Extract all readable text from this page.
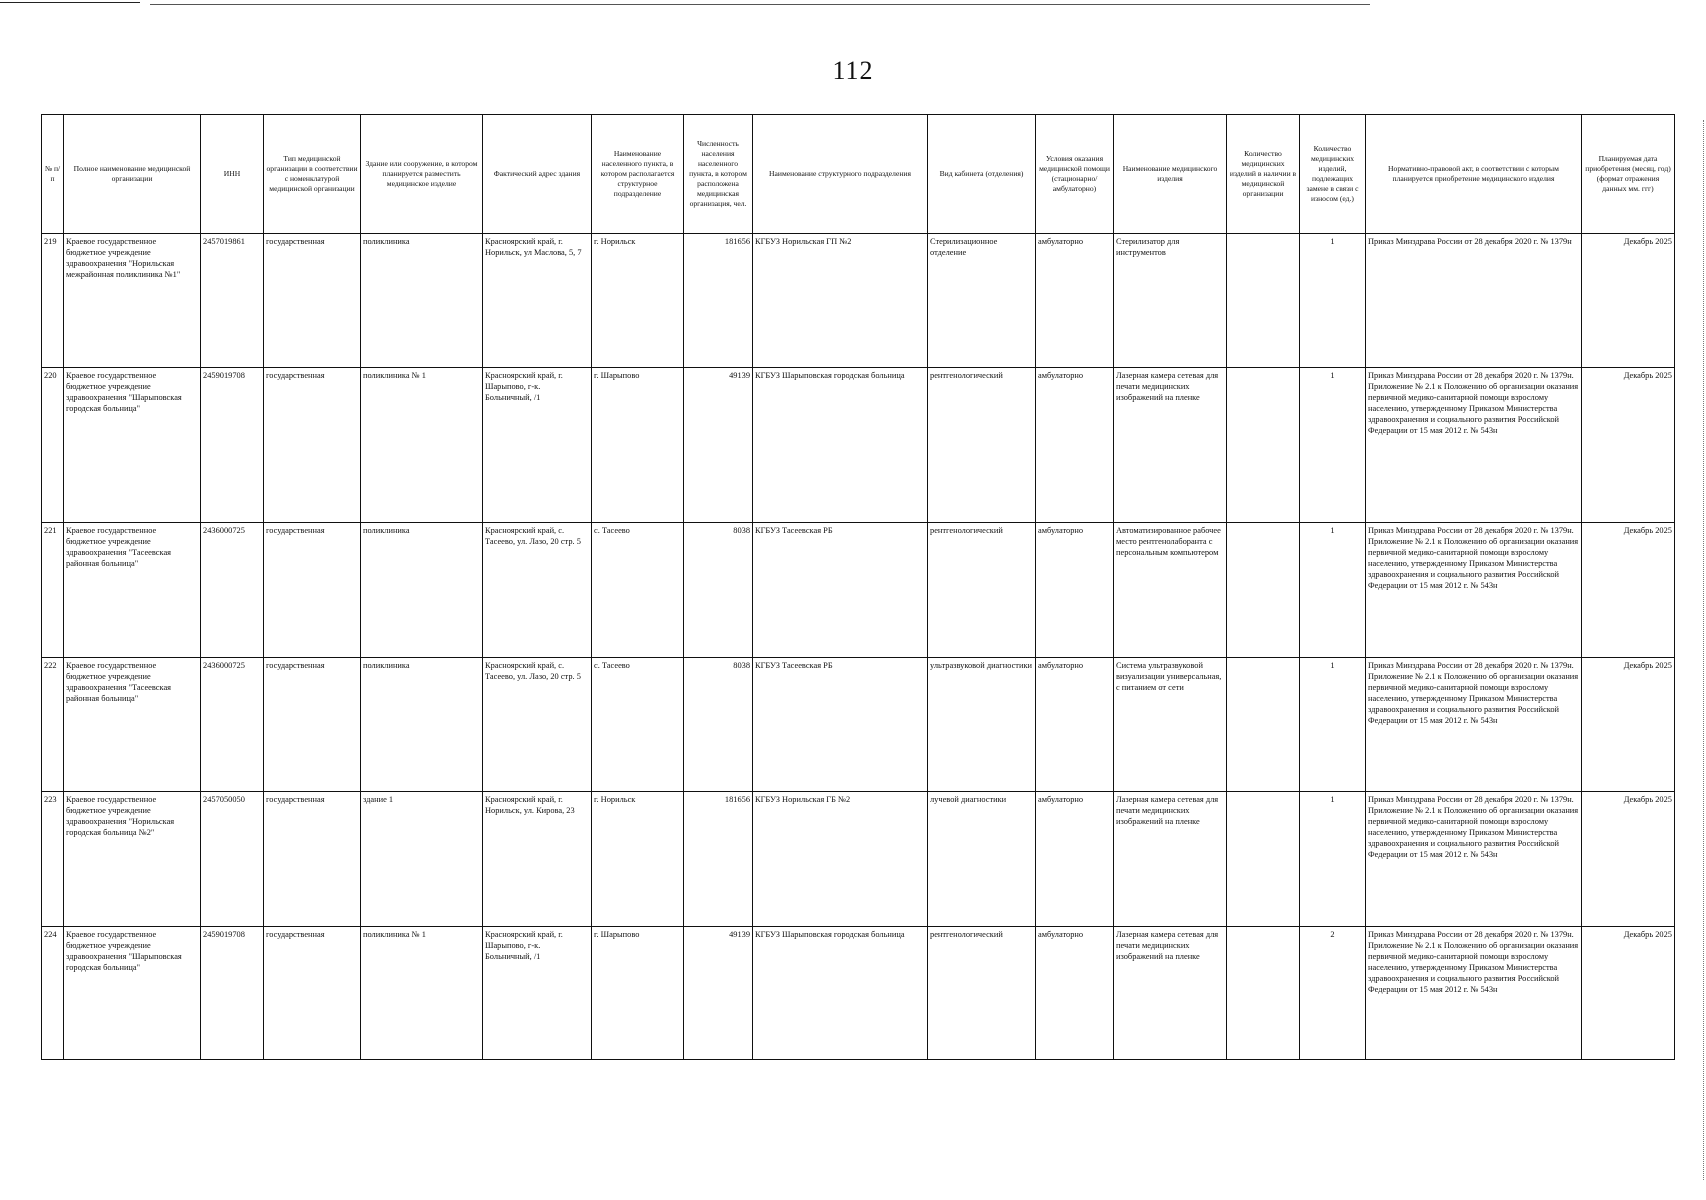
112
№ п/п	Полное наименование медицинской организации	ИНН	Тип медицинской организации в соответствии с номенклатурой медицинской организации	Здание или сооружение, в котором планируется разместить медицинское изделие	Фактический адрес здания	Наименование населенного пункта, в котором располагается структурное подразделение	Численность населения населенного пункта, в котором расположена медицинская организация, чел.	Наименование структурного подразделения	Вид кабинета (отделения)	Условия оказания медицинской помощи (стационарно/ амбулаторно)	Наименование медицинского изделия	Количество медицинских изделий в наличии в медицинской организации	Количество медицинских изделий, подлежащих замене в связи с износом (ед.)	Нормативно-правовой акт, в соответствии с которым планируется приобретение медицинского изделия	Планируемая дата приобретения (месяц, год) (формат отражения данных мм. ггг)
219	Краевое государственное бюджетное учреждение здравоохранения "Норильская межрайонная поликлиника №1"	2457019861	государственная	поликлиника	Красноярский край, г. Норильск, ул Маслова, 5, 7	г. Норильск	181656	КГБУЗ Норильская ГП №2	Стерилизационное отделение	амбулаторно	Стерилизатор для инструментов		1	Приказ Минздрава России от 28 декабря 2020 г. № 1379н	Декабрь 2025
220	Краевое государственное бюджетное учреждение здравоохранения "Шарыповская городская больница"	2459019708	государственная	поликлиника № 1	Красноярский край, г. Шарыпово, г-к. Больничный, /1	г. Шарыпово	49139	КГБУЗ Шарыповская городская больница	рентгенологический	амбулаторно	Лазерная камера сетевая для печати медицинских изображений на пленке		1	Приказ Минздрава России от 28 декабря 2020 г. № 1379н. Приложение № 2.1 к Положению об организации оказания первичной медико-санитарной помощи взрослому населению, утвержденному Приказом Министерства здравоохранения и социального развития Российской Федерации от 15 мая 2012 г. № 543н	Декабрь 2025
221	Краевое государственное бюджетное учреждение здравоохранения "Тасеевская районная больница"	2436000725	государственная	поликлиника	Красноярский край, с. Тасеево, ул. Лазо, 20 стр. 5	с. Тасеево	8038	КГБУЗ Тасеевская РБ	рентгенологический	амбулаторно	Автоматизированное рабочее место рентгенолаборанта с персональным компьютером		1	Приказ Минздрава России от 28 декабря 2020 г. № 1379н. Приложение № 2.1 к Положению об организации оказания первичной медико-санитарной помощи взрослому населению, утвержденному Приказом Министерства здравоохранения и социального развития Российской Федерации от 15 мая 2012 г. № 543н	Декабрь 2025
222	Краевое государственное бюджетное учреждение здравоохранения "Тасеевская районная больница"	2436000725	государственная	поликлиника	Красноярский край, с. Тасеево, ул. Лазо, 20 стр. 5	с. Тасеево	8038	КГБУЗ Тасеевская РБ	ультразвуковой диагностики	амбулаторно	Система ультразвуковой визуализации универсальная, с питанием от сети		1	Приказ Минздрава России от 28 декабря 2020 г. № 1379н. Приложение № 2.1 к Положению об организации оказания первичной медико-санитарной помощи взрослому населению, утвержденному Приказом Министерства здравоохранения и социального развития Российской Федерации от 15 мая 2012 г. № 543н	Декабрь 2025
223	Краевое государственное бюджетное учреждение здравоохранения "Норильская городская больница №2"	2457050050	государственная	здание 1	Красноярский край, г. Норильск, ул. Кирова, 23	г. Норильск	181656	КГБУЗ Норильская ГБ №2	лучевой диагностики	амбулаторно	Лазерная камера сетевая для печати медицинских изображений на пленке		1	Приказ Минздрава России от 28 декабря 2020 г. № 1379н. Приложение № 2.1 к Положению об организации оказания первичной медико-санитарной помощи взрослому населению, утвержденному Приказом Министерства здравоохранения и социального развития Российской Федерации от 15 мая 2012 г. № 543н	Декабрь 2025
224	Краевое государственное бюджетное учреждение здравоохранения "Шарыповская городская больница"	2459019708	государственная	поликлиника № 1	Красноярский край, г. Шарыпово, г-к. Больничный, /1	г. Шарыпово	49139	КГБУЗ Шарыповская городская больница	рентгенологический	амбулаторно	Лазерная камера сетевая для печати медицинских изображений на пленке		2	Приказ Минздрава России от 28 декабря 2020 г. № 1379н. Приложение № 2.1 к Положению об организации оказания первичной медико-санитарной помощи взрослому населению, утвержденному Приказом Министерства здравоохранения и социального развития Российской Федерации от 15 мая 2012 г. № 543н	Декабрь 2025
